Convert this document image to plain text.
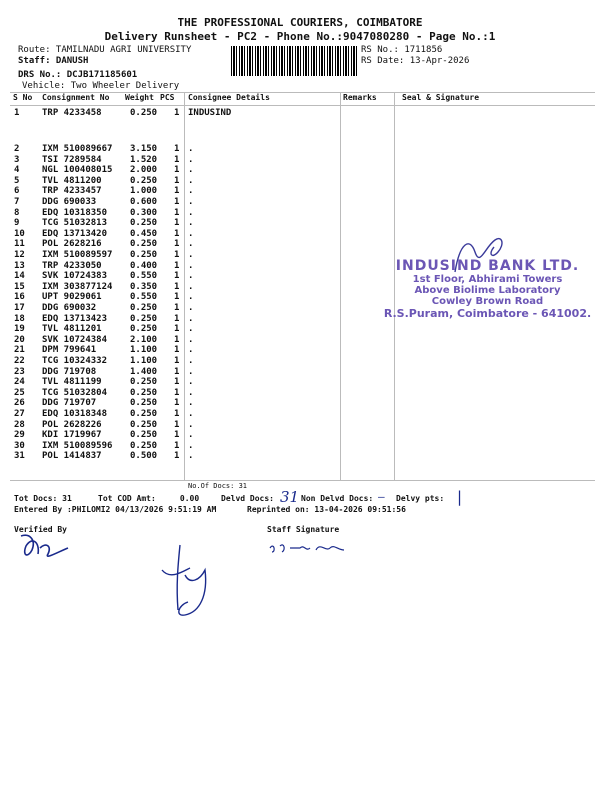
THE PROFESSIONAL COURIERS, COIMBATORE
Delivery Runsheet - PC2 - Phone No.:9047080280 - Page No.:1
Route: TAMILNADU AGRI UNIVERSITY
Staff: DANUSH
DRS No.: DCJB171185601
Vehicle: Two Wheeler Delivery
RS No.: 1711856
RS Date: 13-Apr-2026
S No Consignment No Weight PCS Consignee Details	Remarks	Seal & Signature
1	TRP 4233458	0.250 1 INDUSIND
2	IXM 510089667 3.150 1 .
3	TSI 7289584	1.520 1 .
4	NGL 100408015 2.000 1 .
5	TVL 4811200	0.250 1 .
6	TRP 4233457	1.000 1 .
7	DDG 690033	0.600 1 .
8	EDQ 10318350	0.300 1 .
9	TCG 51032813	0.250 1 .
10 EDQ 13713420	0.450 1 .
11 POL 2628216	0.250 1 .
12 IXM 510089597 0.250 1 .
13 TRP 4233050	0.400 1 .
14 SVK 10724383	0.550 1 .
15 IXM 303877124 0.350 1 .
16 UPT 9029061	0.550 1 .
17 DDG 690032	0.250 1 .
18 EDQ 13713423	0.250 1 .
19 TVL 4811201	0.250 1 .
20 SVK 10724384	2.100 1 .
21 DPM 799641	1.100 1 .
22 TCG 10324332	1.100 1 .
23 DDG 719708	1.400 1 .
24 TVL 4811199	0.250 1 .
25 TCG 51032804	0.250 1 .
26 DDG 719707	0.250 1 .
27 EDQ 10318348	0.250 1 .
28 POL 2628226	0.250 1 .
29 KDI 1719967	0.250 1 .
30 IXM 510089596 0.250 1 .
31 POL 1414837	0.500 1 .
No.Of Docs: 31
INDUSIND BANK LTD.
1st Floor, Abhirami Towers
Above Biolime Laboratory
Cowley Brown Road
R.S.Puram, Coimbatore - 641002.
Tot Docs: 31	Tot COD Amt:     0.00	Delvd Docs: 31 Non Delvd Docs: — Delvy pts: |
Entered By :PHILOMI2 04/13/2026 9:51:19 AM	Reprinted on: 13-04-2026 09:51:56
Verified By	Staff Signature
